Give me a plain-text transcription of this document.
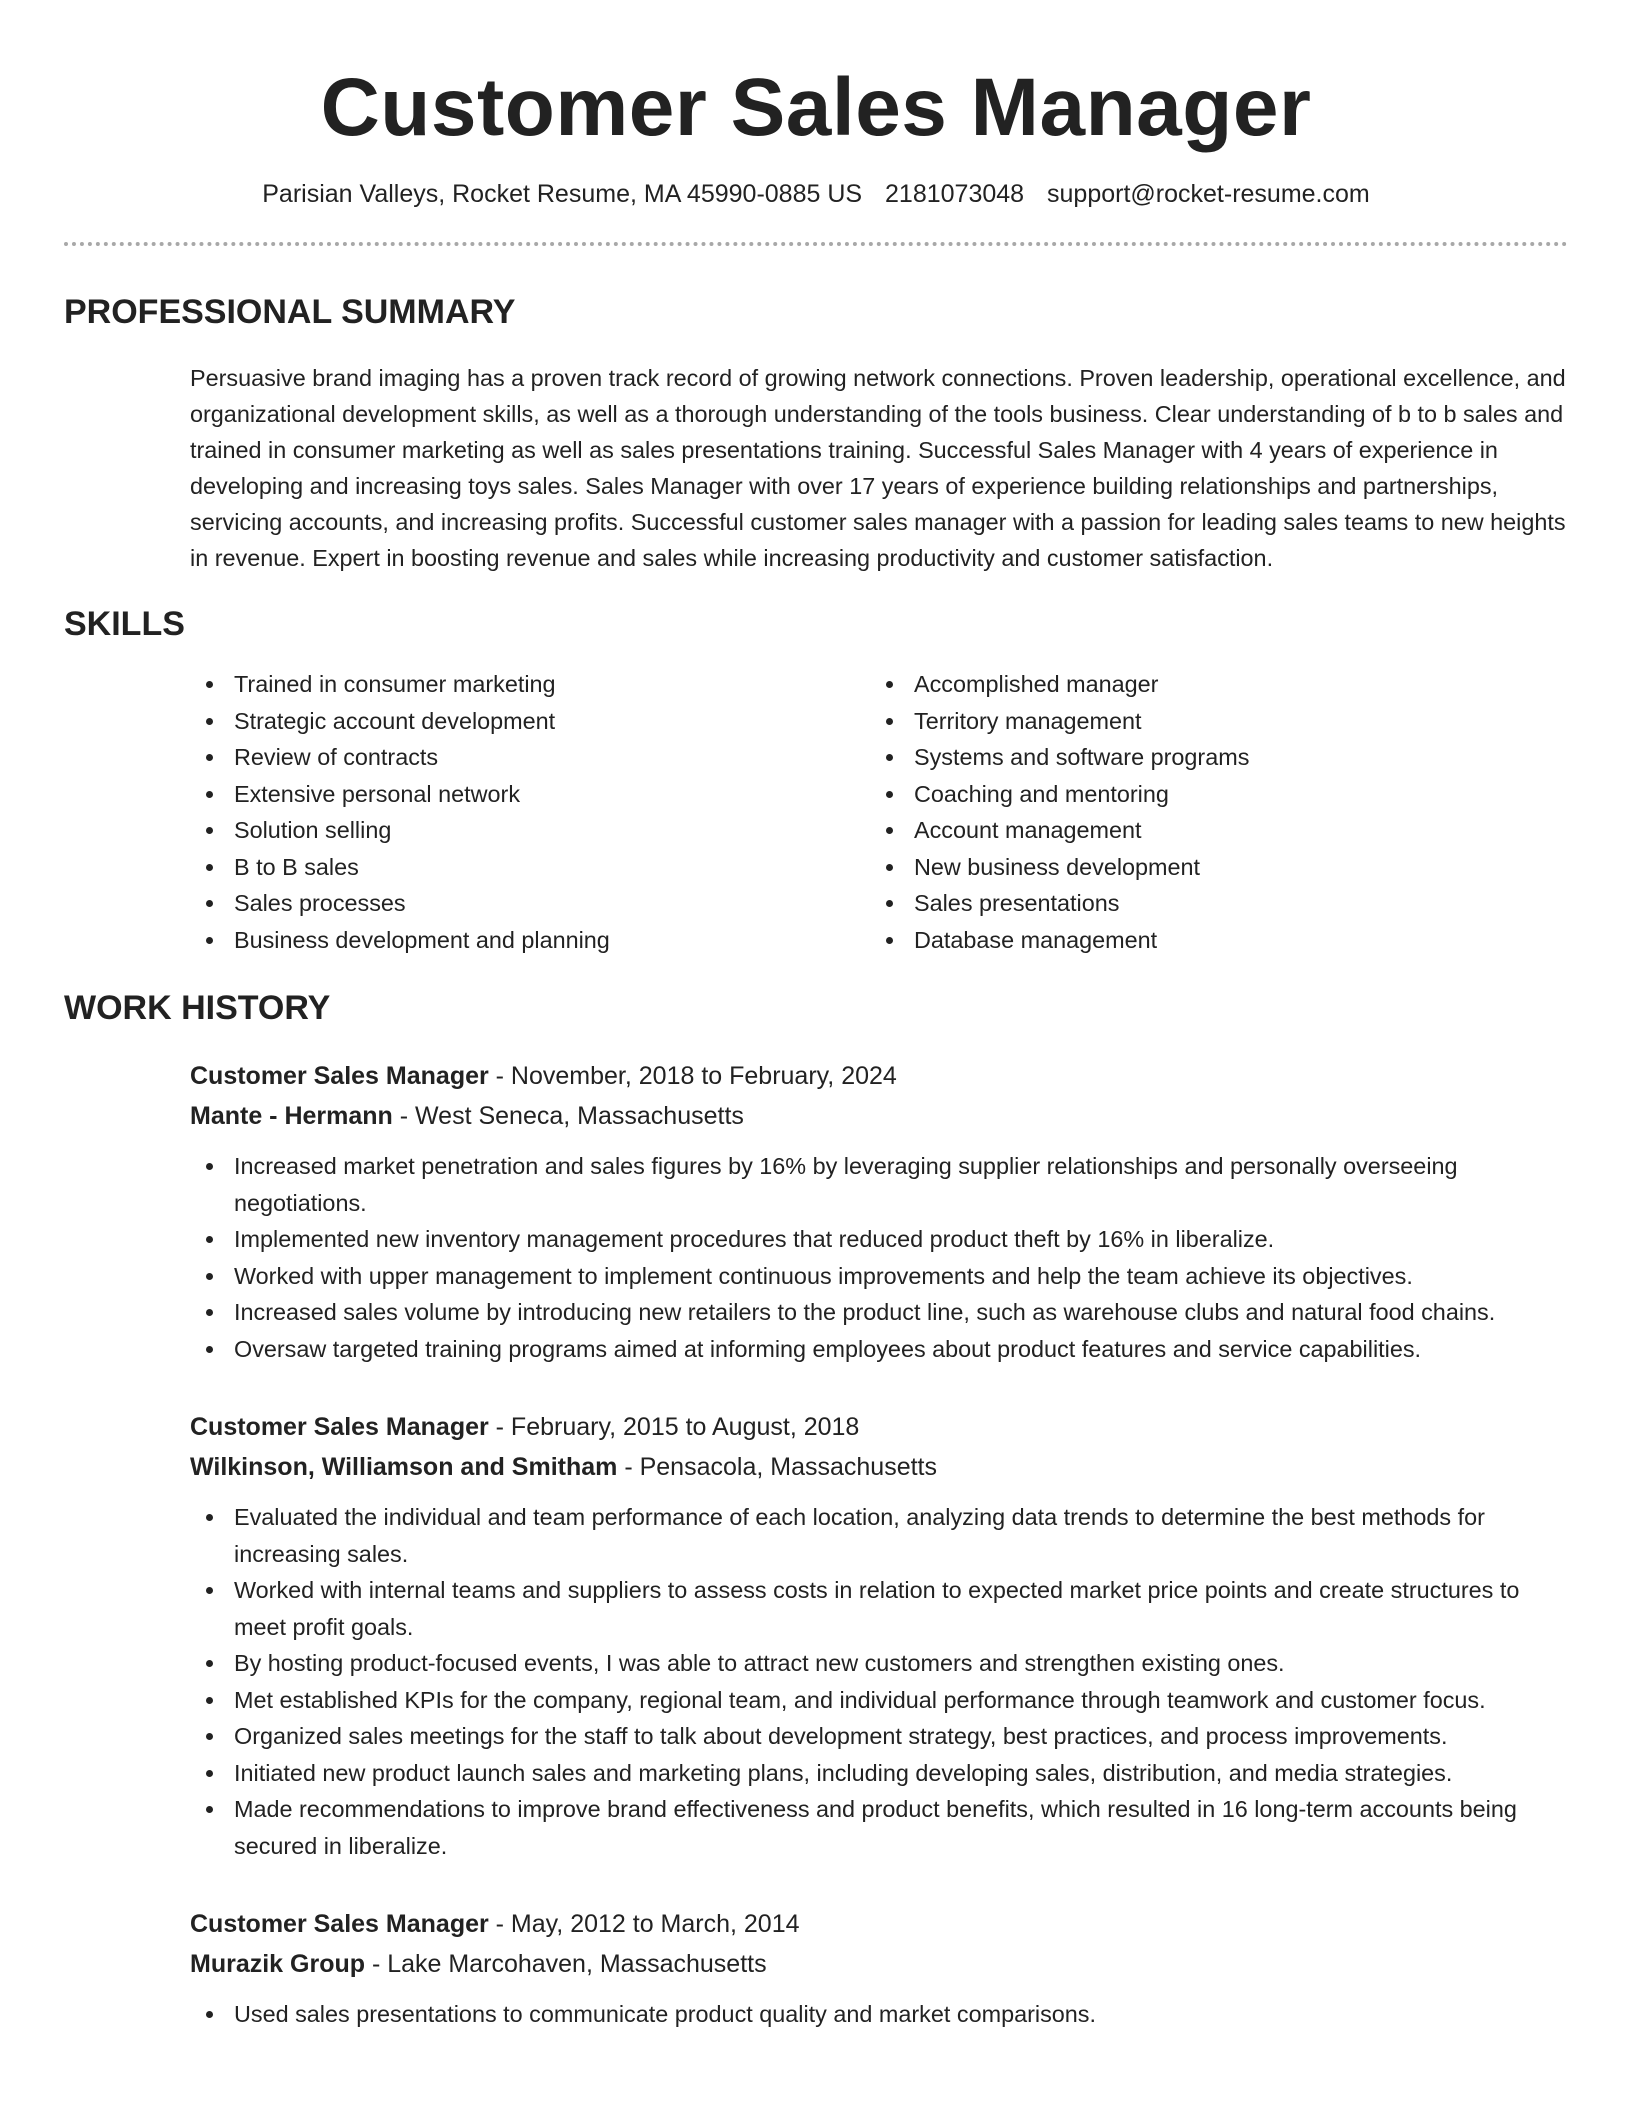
Customer Sales Manager
Parisian Valleys, Rocket Resume, MA 45990-0885 US 2181073048 support@rocket-resume.com
PROFESSIONAL SUMMARY

Persuasive brand imaging has a proven track record of growing network connections. Proven leadership, operational excellence, and organizational development skills, as well as a thorough understanding of the tools business. Clear understanding of b to b sales and trained in consumer marketing as well as sales presentations training. Successful Sales Manager with 4 years of experience in developing and increasing toys sales. Sales Manager with over 17 years of experience building relationships and partnerships, servicing accounts, and increasing profits. Successful customer sales manager with a passion for leading sales teams to new heights in revenue. Expert in boosting revenue and sales while increasing productivity and customer satisfaction.

SKILLS
Trained in consumer marketing
Strategic account development
Review of contracts
Extensive personal network
Solution selling
B to B sales
Sales processes
Business development and planning
Accomplished manager
Territory management
Systems and software programs
Coaching and mentoring
Account management
New business development
Sales presentations
Database management
WORK HISTORY
Customer Sales Manager - November, 2018 to February, 2024
Mante - Hermann - West Seneca, Massachusetts
Increased market penetration and sales figures by 16% by leveraging supplier relationships and personally overseeing negotiations.
Implemented new inventory management procedures that reduced product theft by 16% in liberalize.
Worked with upper management to implement continuous improvements and help the team achieve its objectives.
Increased sales volume by introducing new retailers to the product line, such as warehouse clubs and natural food chains.
Oversaw targeted training programs aimed at informing employees about product features and service capabilities.
Customer Sales Manager - February, 2015 to August, 2018
Wilkinson, Williamson and Smitham - Pensacola, Massachusetts
Evaluated the individual and team performance of each location, analyzing data trends to determine the best methods for increasing sales.
Worked with internal teams and suppliers to assess costs in relation to expected market price points and create structures to meet profit goals.
By hosting product-focused events, I was able to attract new customers and strengthen existing ones.
Met established KPIs for the company, regional team, and individual performance through teamwork and customer focus.
Organized sales meetings for the staff to talk about development strategy, best practices, and process improvements.
Initiated new product launch sales and marketing plans, including developing sales, distribution, and media strategies.
Made recommendations to improve brand effectiveness and product benefits, which resulted in 16 long-term accounts being secured in liberalize.
Customer Sales Manager - May, 2012 to March, 2014
Murazik Group - Lake Marcohaven, Massachusetts
Used sales presentations to communicate product quality and market comparisons.
